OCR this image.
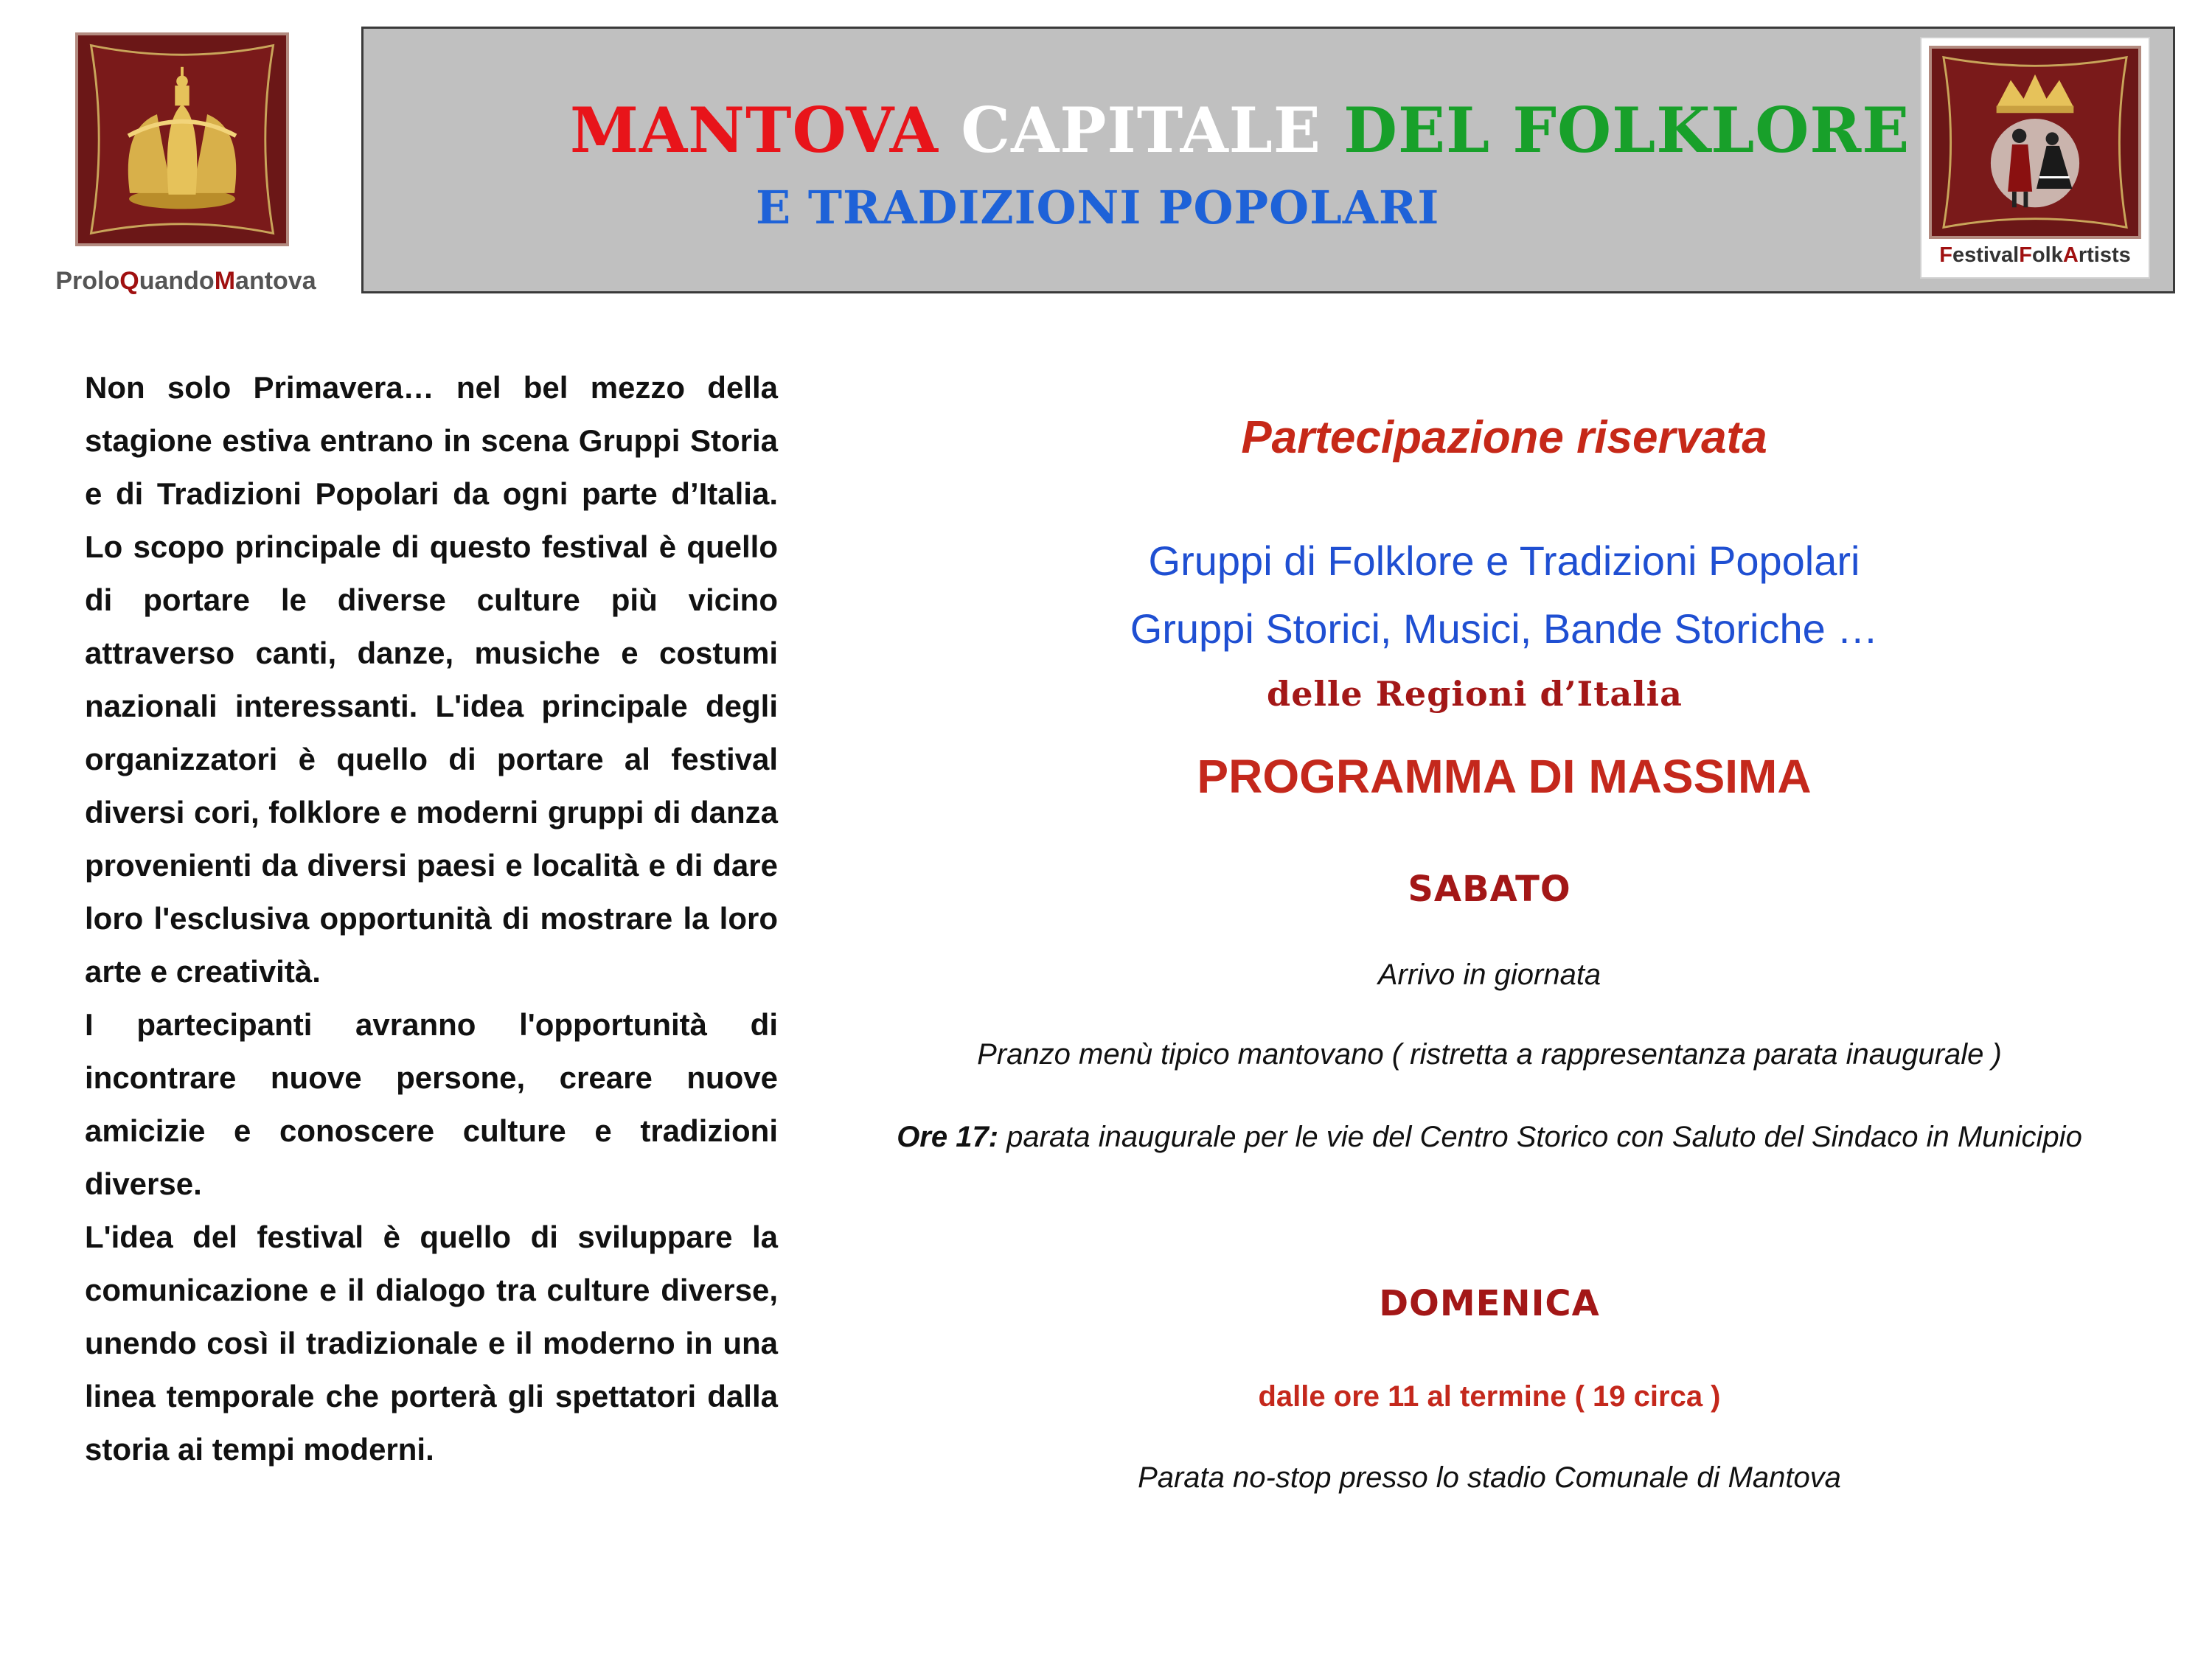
ProloQuandoMantova
MANTOVA CAPITALE DEL FOLKLORE
E TRADIZIONI POPOLARI
FestivalFolkArtists

Non solo Primavera… nel bel mezzo della stagione estiva entrano in scena Gruppi Storia e di Tradizioni Popolari da ogni parte d’Italia. Lo scopo principale di questo festival è quello di portare le diverse culture più vicino attraverso canti, danze, musiche e costumi nazionali interessanti. L'idea principale degli organizzatori è quello di portare al festival diversi cori, folklore e moderni gruppi di danza provenienti da diversi paesi e località e di dare loro l'esclusiva opportunità di mostrare la loro arte e creatività.

I partecipanti avranno l'opportunità di incontrare nuove persone, creare nuove amicizie e conoscere culture e tradizioni diverse.

L'idea del festival è quello di sviluppare la comunicazione e il dialogo tra culture diverse, unendo così il tradizionale e il moderno in una linea temporale che porterà gli spettatori dalla storia ai tempi moderni.

Partecipazione riservata
Gruppi di Folklore e Tradizioni Popolari
Gruppi Storici, Musici, Bande Storiche …
delle Regioni d’Italia
PROGRAMMA DI MASSIMA
SABATO
Arrivo in giornata
Pranzo menù tipico mantovano ( ristretta a rappresentanza parata inaugurale )
Ore 17: parata inaugurale per le vie del Centro Storico con Saluto del Sindaco in Municipio
DOMENICA
dalle ore 11 al termine ( 19 circa )
Parata no-stop presso lo stadio Comunale di Mantova
